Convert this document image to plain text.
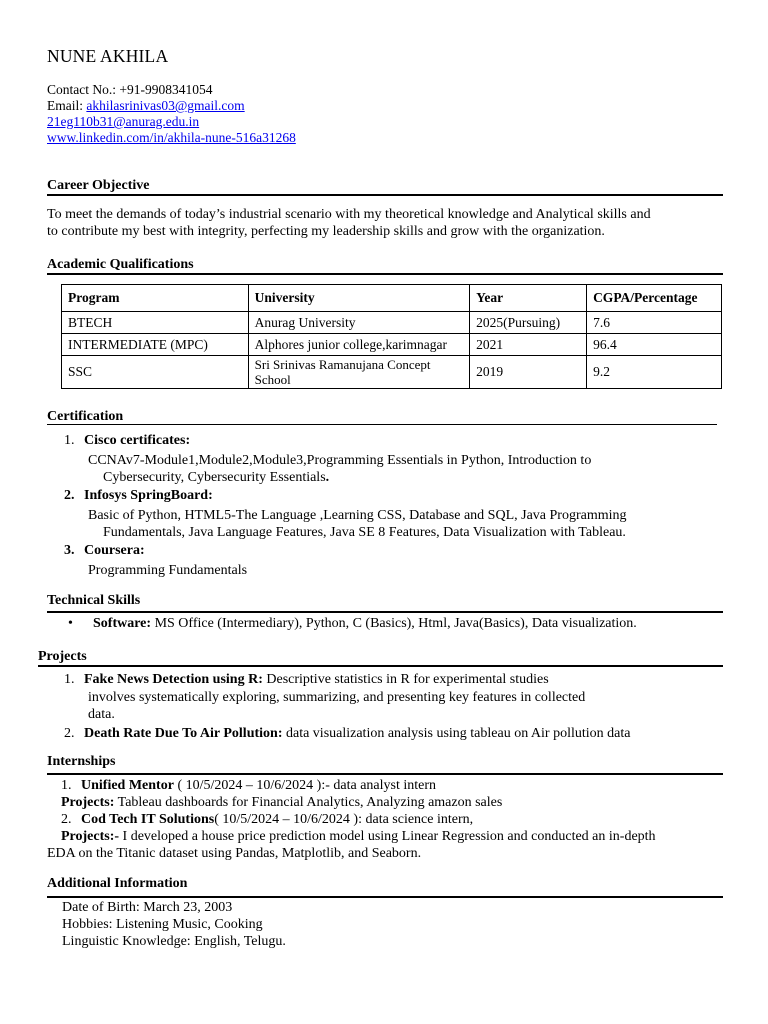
NUNE AKHILA
Contact No.: +91-9908341054
Email: akhilasrinivas03@gmail.com
21eg110b31@anurag.edu.in
www.linkedin.com/in/akhila-nune-516a31268
Career Objective
To meet the demands of today’s industrial scenario with my theoretical knowledge and Analytical skills and
to contribute my best with integrity, perfecting my leadership skills and grow with the organization.
Academic Qualifications
Program	University	Year	CGPA/Percentage
BTECH	Anurag University	2025(Pursuing)	7.6
INTERMEDIATE (MPC)	Alphores junior college,karimnagar	2021	96.4
SSC	Sri Srinivas Ramanujana Concept School	2019	9.2
Certification
1. Cisco certificates:
CCNAv7-Module1,Module2,Module3,Programming Essentials in Python, Introduction to
Cybersecurity, Cybersecurity Essentials.
2. Infosys SpringBoard:
Basic of Python, HTML5-The Language ,Learning CSS, Database and SQL, Java Programming
Fundamentals, Java Language Features, Java SE 8 Features, Data Visualization with Tableau.
3. Coursera:
Programming Fundamentals
Technical Skills
• Software: MS Office (Intermediary), Python, C (Basics), Html, Java(Basics), Data visualization.
Projects
1. Fake News Detection using R: Descriptive statistics in R for experimental studies
involves systematically exploring, summarizing, and presenting key features in collected
data.
2. Death Rate Due To Air Pollution: data visualization analysis using tableau on Air pollution data
Internships
1. Unified Mentor ( 10/5/2024 – 10/6/2024 ):- data analyst intern
Projects: Tableau dashboards for Financial Analytics, Analyzing amazon sales
2. Cod Tech IT Solutions( 10/5/2024 – 10/6/2024 ): data science intern,
Projects:- I developed a house price prediction model using Linear Regression and conducted an in-depth
EDA on the Titanic dataset using Pandas, Matplotlib, and Seaborn.
Additional Information
Date of Birth: March 23, 2003
Hobbies: Listening Music, Cooking
Linguistic Knowledge: English, Telugu.
